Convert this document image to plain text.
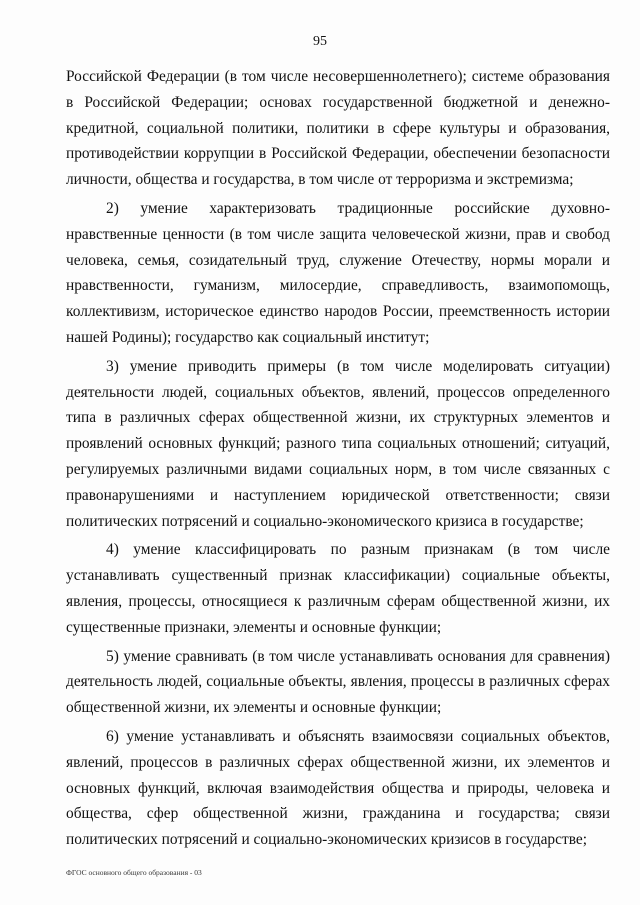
95

Российской Федерации (в том числе несовершеннолетнего); системе образования в Российской Федерации; основах государственной бюджетной и денежно-кредитной, социальной политики, политики в сфере культуры и образования, противодействии коррупции в Российской Федерации, обеспечении безопасности личности, общества и государства, в том числе от терроризма и экстремизма;

2) умение характеризовать традиционные российские духовно-нравственные ценности (в том числе защита человеческой жизни, прав и свобод человека, семья, созидательный труд, служение Отечеству, нормы морали и нравственности, гуманизм, милосердие, справедливость, взаимопомощь, коллективизм, историческое единство народов России, преемственность истории нашей Родины); государство как социальный институт;

3) умение приводить примеры (в том числе моделировать ситуации) деятельности людей, социальных объектов, явлений, процессов определенного типа в различных сферах общественной жизни, их структурных элементов и проявлений основных функций; разного типа социальных отношений; ситуаций, регулируемых различными видами социальных норм, в том числе связанных с правонарушениями и наступлением юридической ответственности; связи политических потрясений и социально-экономического кризиса в государстве;

4) умение классифицировать по разным признакам (в том числе устанавливать существенный признак классификации) социальные объекты, явления, процессы, относящиеся к различным сферам общественной жизни, их существенные признаки, элементы и основные функции;

5) умение сравнивать (в том числе устанавливать основания для сравнения) деятельность людей, социальные объекты, явления, процессы в различных сферах общественной жизни, их элементы и основные функции;

6) умение устанавливать и объяснять взаимосвязи социальных объектов, явлений, процессов в различных сферах общественной жизни, их элементов и основных функций, включая взаимодействия общества и природы, человека и общества, сфер общественной жизни, гражданина и государства; связи политических потрясений и социально-экономических кризисов в государстве;

ФГОС основного общего образования - 03
